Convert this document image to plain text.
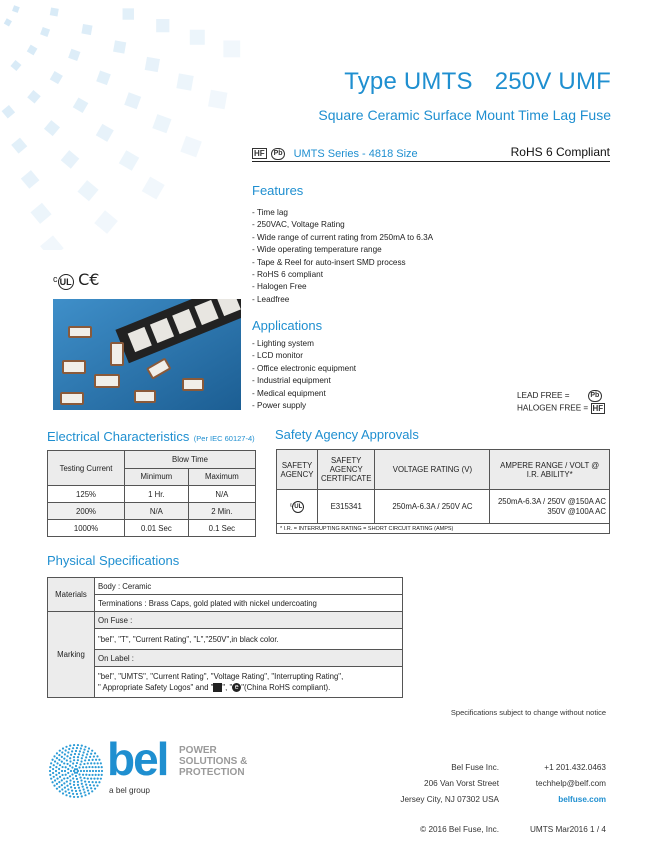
Type UMTS 250V UMF
Square Ceramic Surface Mount Time Lag Fuse
HF Pb UMTS Series - 4818 Size	RoHS 6 Compliant
Features
- Time lag
- 250VAC, Voltage Rating
- Wide range of current rating from 250mA to 6.3A
- Wide operating temperature range
- Tape & Reel for auto-insert SMD process
- RoHS 6 compliant
- Halogen Free
- Leadfree
ᶜ UL C€
Applications
- Lighting system
- LCD monitor
- Office electronic equipment
- Industrial equipment
- Medical equipment
- Power supply
LEAD FREE =	Pb
HALOGEN FREE = HF
Electrical Characteristics (Per IEC 60127-4)
Testing Current	Blow Time	
	Minimum	Maximum
125%	1 Hr.	N/A
200%	N/A	2 Min.
1000%	0.01 Sec	0.1 Sec
Safety Agency Approvals
SAFETY AGENCY	SAFETY AGENCY CERTIFICATE	VOLTAGE RATING (V)	AMPERE RANGE / VOLT @ I.R. ABILITY*
ᶜ UL	E315341	250mA-6.3A / 250V AC	250mA-6.3A / 250V @150A AC
350V @100A AC

* I.R. = INTERRUPTING RATING = SHORT CIRCUIT RATING (AMPS)			
Physical Specifications
Materials	Body : Ceramic
	Terminations : Brass Caps, gold plated with nickel undercoating
Marking	On Fuse :
	"bel", "T", "Current Rating", "L","250V",in black color.
	On Label :

	"bel", "UMTS", "Current Rating", "Voltage Rating", "Interrupting Rating",
" Appropriate Safety Logos" and " ", " e "(China RoHS compliant).
Specifications subject to change without notice
bel POWER
SOLUTIONS &
PROTECTION
a bel group
Bel Fuse Inc.
206 Van Vorst Street
Jersey City, NJ 07302 USA
+1 201.432.0463
techhelp@belf.com
belfuse.com
© 2016 Bel Fuse, Inc.	UMTS Mar2016 1 / 4
